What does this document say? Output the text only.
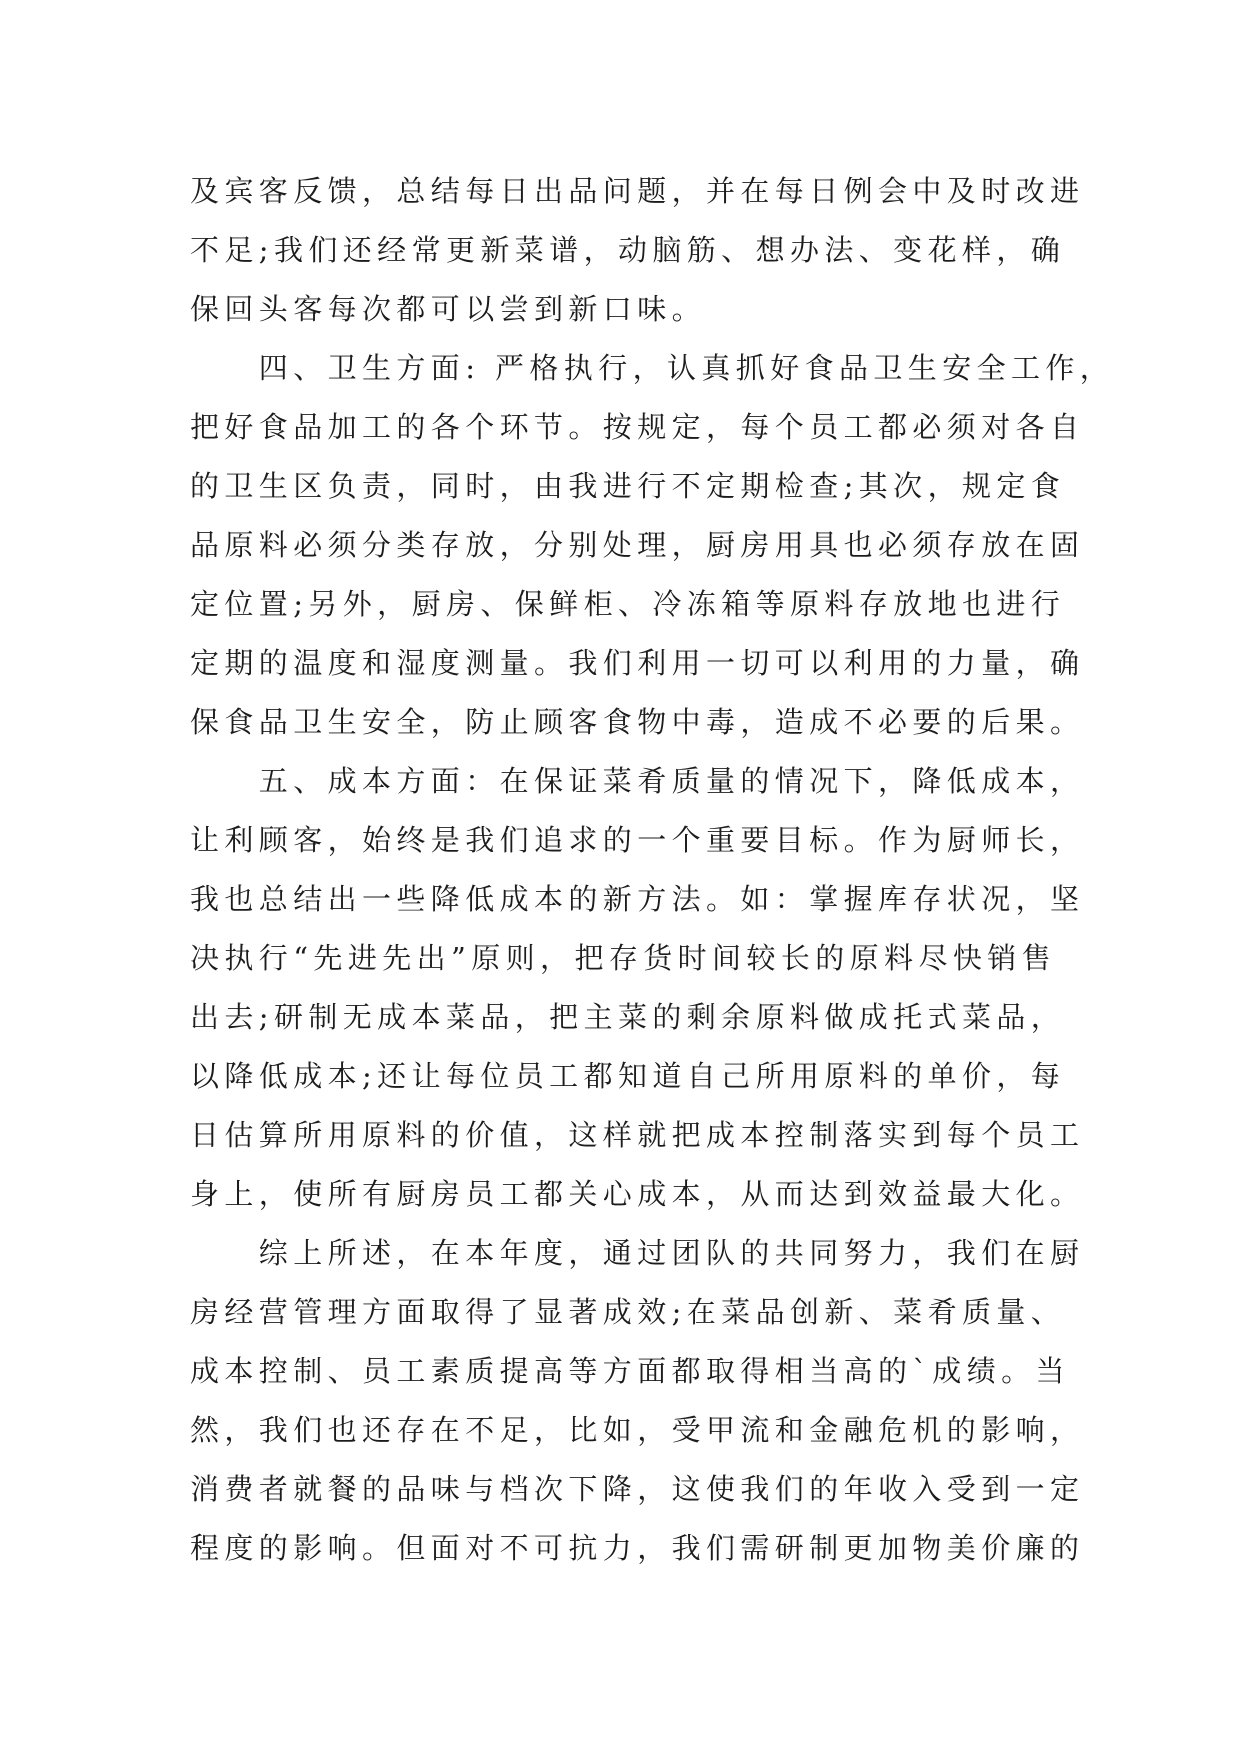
及宾客反馈，总结每日出品问题，并在每日例会中及时改进
不足;我们还经常更新菜谱，动脑筋、想办法、变花样，确
保回头客每次都可以尝到新口味。
　　四、卫生方面: 严格执行，认真抓好食品卫生安全工作，
把好食品加工的各个环节。按规定，每个员工都必须对各自
的卫生区负责，同时，由我进行不定期检查;其次，规定食
品原料必须分类存放，分别处理，厨房用具也必须存放在固
定位置;另外，厨房、保鲜柜、冷冻箱等原料存放地也进行
定期的温度和湿度测量。我们利用一切可以利用的力量，确
保食品卫生安全，防止顾客食物中毒，造成不必要的后果。
　　五、成本方面：在保证菜肴质量的情况下，降低成本，
让利顾客，始终是我们追求的一个重要目标。作为厨师长，
我也总结出一些降低成本的新方法。如：掌握库存状况，坚
决执行“先进先出”原则，把存货时间较长的原料尽快销售
出去;研制无成本菜品，把主菜的剩余原料做成托式菜品，
以降低成本;还让每位员工都知道自己所用原料的单价，每
日估算所用原料的价值，这样就把成本控制落实到每个员工
身上，使所有厨房员工都关心成本，从而达到效益最大化。
　　综上所述，在本年度，通过团队的共同努力，我们在厨
房经营管理方面取得了显著成效;在菜品创新、菜肴质量、
成本控制、员工素质提高等方面都取得相当高的`成绩。当
然，我们也还存在不足，比如，受甲流和金融危机的影响，
消费者就餐的品味与档次下降，这使我们的年收入受到一定
程度的影响。但面对不可抗力，我们需研制更加物美价廉的
